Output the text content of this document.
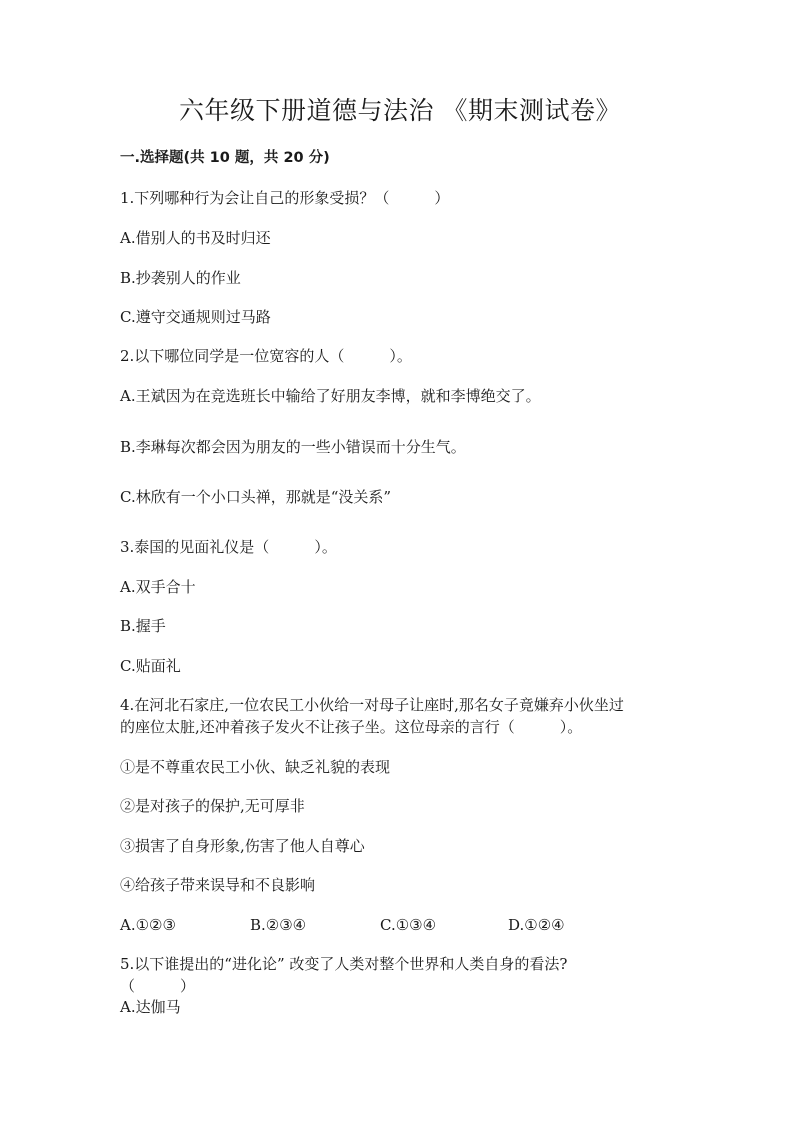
六年级下册道德与法治 《期末测试卷》
一.选择题(共 10 题，共 20 分)
1.下列哪种行为会让自己的形象受损？（　　　）
A.借别人的书及时归还
B.抄袭别人的作业
C.遵守交通规则过马路
2.以下哪位同学是一位宽容的人（　　　）。
A.王斌因为在竞选班长中输给了好朋友李博，就和李博绝交了。
B.李琳每次都会因为朋友的一些小错误而十分生气。
C.林欣有一个小口头禅，那就是“没关系”
3.泰国的见面礼仪是（　　　）。
A.双手合十
B.握手
C.贴面礼
4.在河北石家庄,一位农民工小伙给一对母子让座时,那名女子竟嫌弃小伙坐过
的座位太脏,还冲着孩子发火不让孩子坐。这位母亲的言行（　　　）。
①是不尊重农民工小伙、缺乏礼貌的表现
②是对孩子的保护,无可厚非
③损害了自身形象,伤害了他人自尊心
④给孩子带来误导和不良影响
A.①②③	B.②③④	C.①③④	D.①②④
5.以下谁提出的“进化论” 改变了人类对整个世界和人类自身的看法?
（　　　）
A.达伽马
